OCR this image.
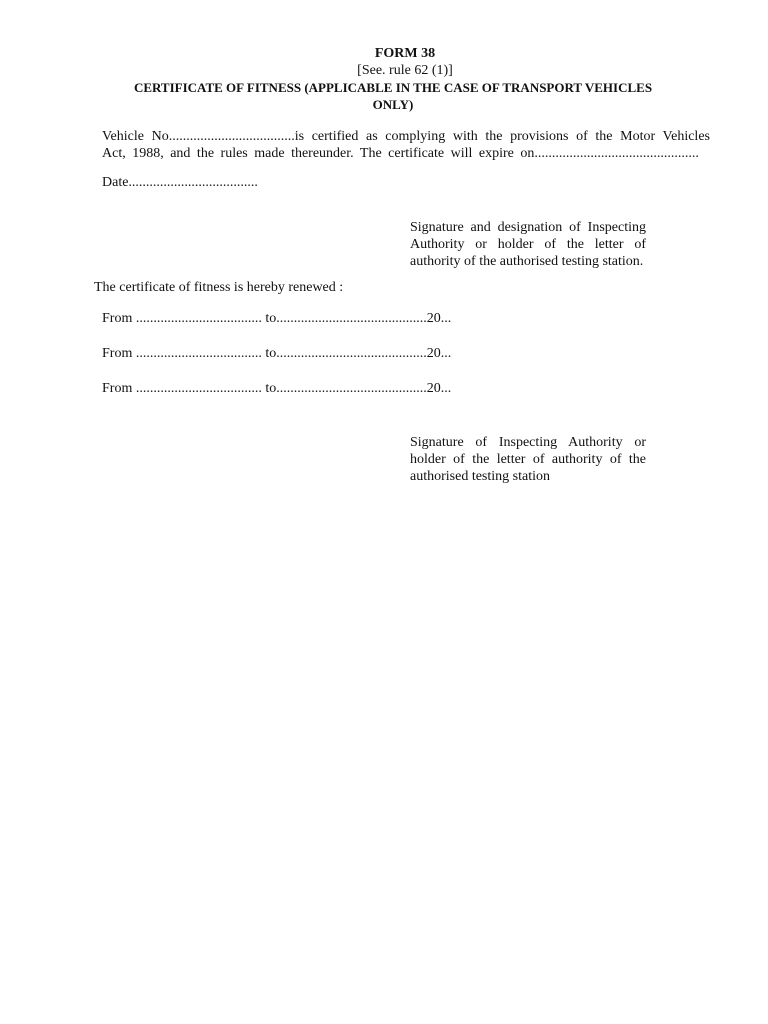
FORM 38
[See. rule 62 (1)]
CERTIFICATE OF FITNESS (APPLICABLE IN THE CASE OF TRANSPORT VEHICLES
ONLY)
Vehicle No....................................is certified as complying with the provisions of the Motor Vehicles
Act, 1988, and the rules made thereunder. The certificate will expire on...............................................
Date.....................................
Signature and designation of Inspecting
Authority or holder of the letter of
authority of the authorised testing station.
The certificate of fitness is hereby renewed :
From .................................... to...........................................20...
From .................................... to...........................................20...
From .................................... to...........................................20...
Signature of Inspecting Authority or
holder of the letter of authority of the
authorised testing station
